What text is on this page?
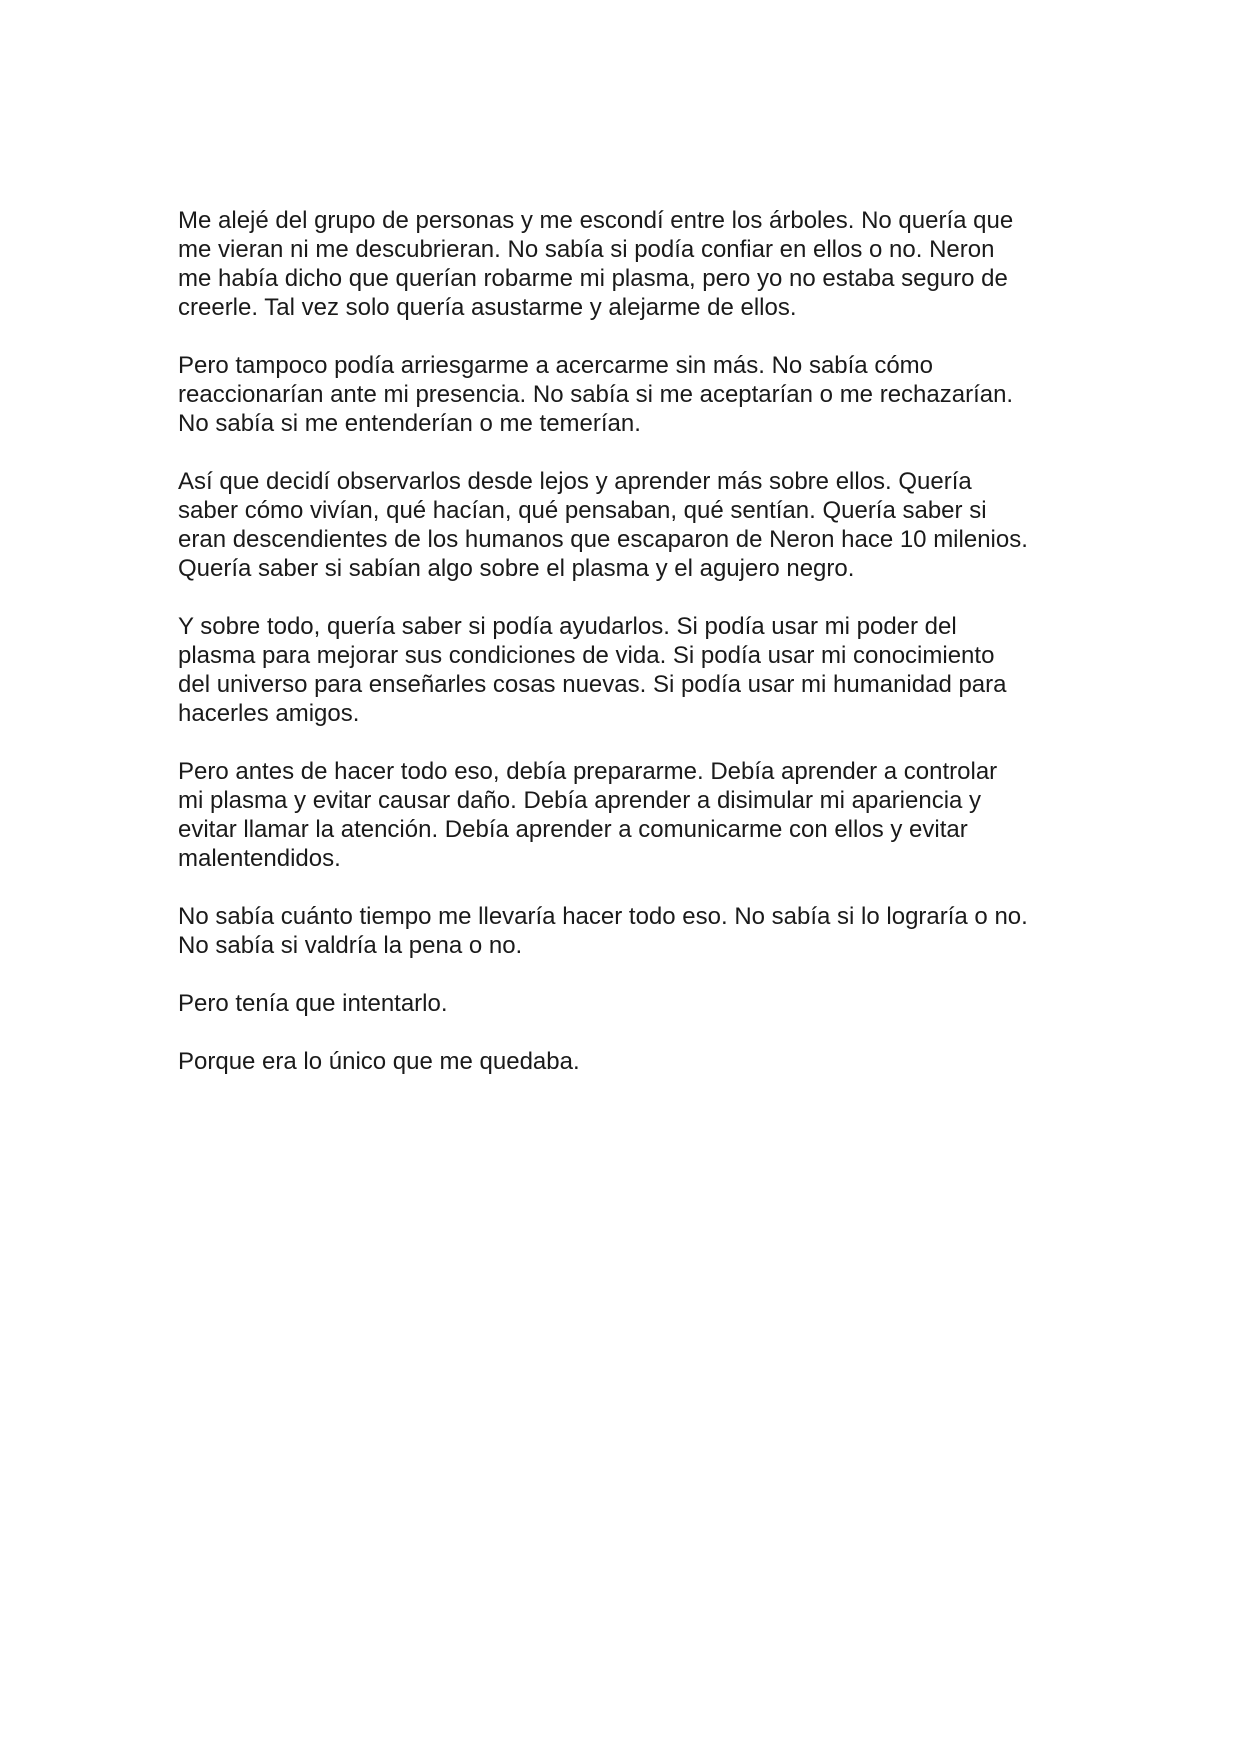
Me alejé del grupo de personas y me escondí entre los árboles. No quería que
me vieran ni me descubrieran. No sabía si podía confiar en ellos o no. Neron
me había dicho que querían robarme mi plasma, pero yo no estaba seguro de
creerle. Tal vez solo quería asustarme y alejarme de ellos.

Pero tampoco podía arriesgarme a acercarme sin más. No sabía cómo
reaccionarían ante mi presencia. No sabía si me aceptarían o me rechazarían.
No sabía si me entenderían o me temerían.

Así que decidí observarlos desde lejos y aprender más sobre ellos. Quería
saber cómo vivían, qué hacían, qué pensaban, qué sentían. Quería saber si
eran descendientes de los humanos que escaparon de Neron hace 10 milenios.
Quería saber si sabían algo sobre el plasma y el agujero negro.

Y sobre todo, quería saber si podía ayudarlos. Si podía usar mi poder del
plasma para mejorar sus condiciones de vida. Si podía usar mi conocimiento
del universo para enseñarles cosas nuevas. Si podía usar mi humanidad para
hacerles amigos.

Pero antes de hacer todo eso, debía prepararme. Debía aprender a controlar
mi plasma y evitar causar daño. Debía aprender a disimular mi apariencia y
evitar llamar la atención. Debía aprender a comunicarme con ellos y evitar
malentendidos.

No sabía cuánto tiempo me llevaría hacer todo eso. No sabía si lo lograría o no.
No sabía si valdría la pena o no.

Pero tenía que intentarlo.

Porque era lo único que me quedaba.
